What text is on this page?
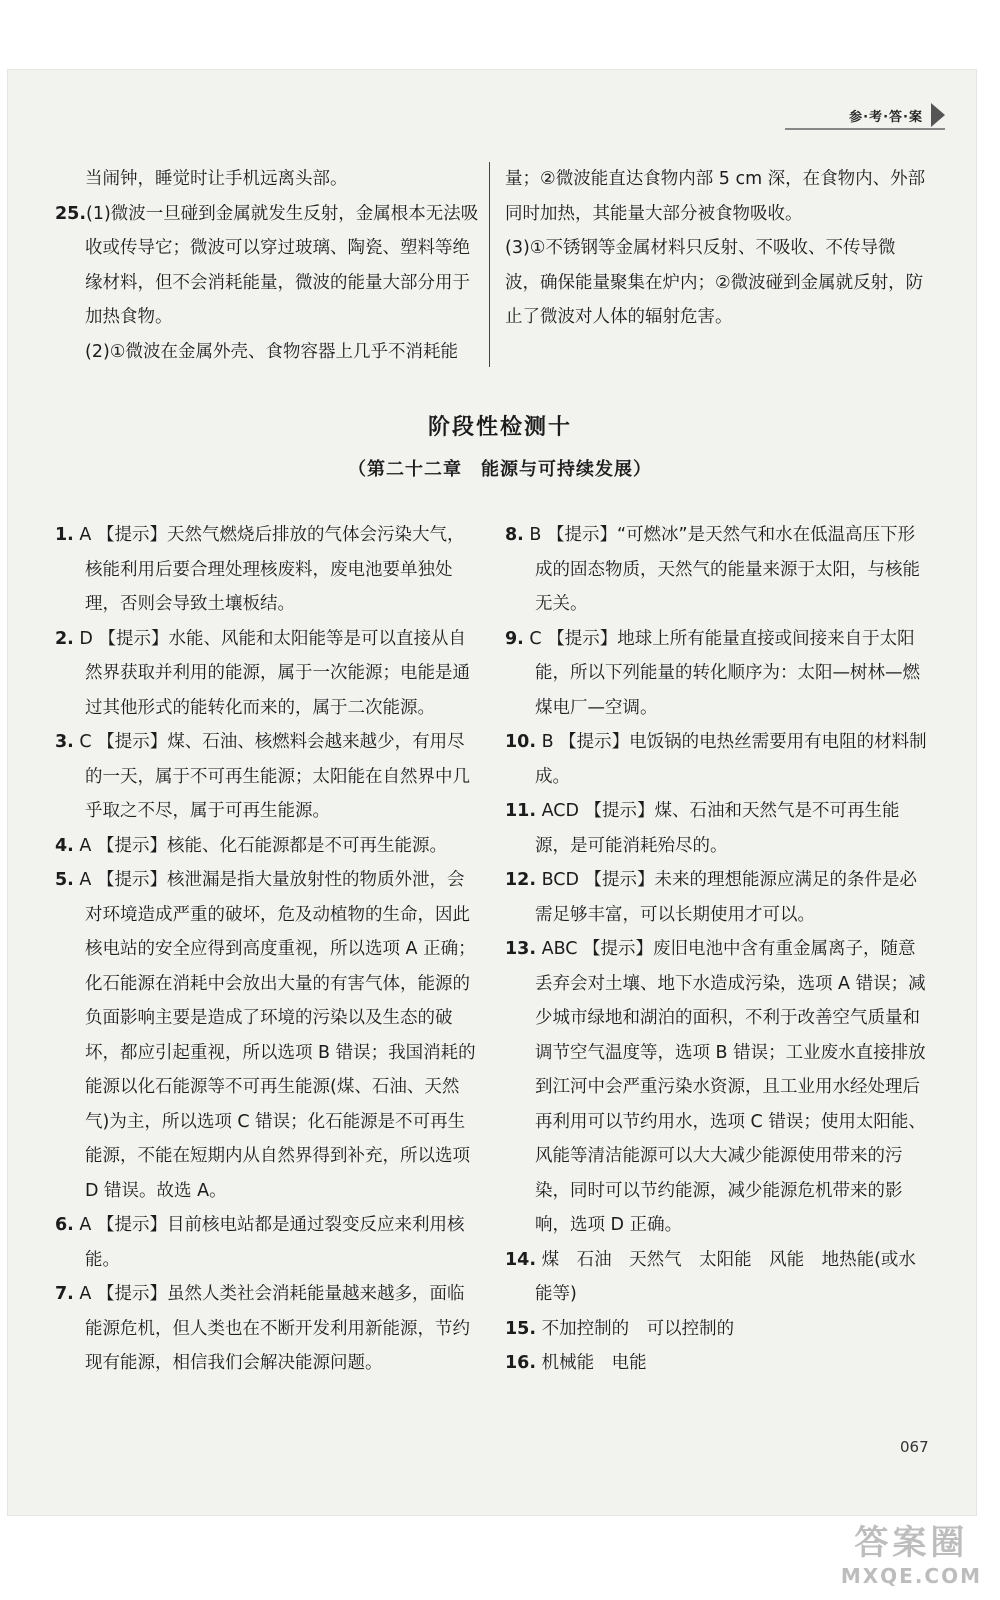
参·考·答·案

当闹钟，睡觉时让手机远离头部。

25.(1)微波一旦碰到金属就发生反射，金属根本无法吸收或传导它；微波可以穿过玻璃、陶瓷、塑料等绝缘材料，但不会消耗能量，微波的能量大部分用于加热食物。

(2)①微波在金属外壳、食物容器上几乎不消耗能

量；②微波能直达食物内部 5 cm 深，在食物内、外部同时加热，其能量大部分被食物吸收。

(3)①不锈钢等金属材料只反射、不吸收、不传导微波，确保能量聚集在炉内；②微波碰到金属就反射，防止了微波对人体的辐射危害。

阶段性检测十
（第二十二章　能源与可持续发展）

1. A 【提示】天然气燃烧后排放的气体会污染大气，核能利用后要合理处理核废料，废电池要单独处理，否则会导致土壤板结。

2. D 【提示】水能、风能和太阳能等是可以直接从自然界获取并利用的能源，属于一次能源；电能是通过其他形式的能转化而来的，属于二次能源。

3. C 【提示】煤、石油、核燃料会越来越少，有用尽的一天，属于不可再生能源；太阳能在自然界中几乎取之不尽，属于可再生能源。

4. A 【提示】核能、化石能源都是不可再生能源。

5. A 【提示】核泄漏是指大量放射性的物质外泄，会对环境造成严重的破坏，危及动植物的生命，因此核电站的安全应得到高度重视，所以选项 A 正确；化石能源在消耗中会放出大量的有害气体，能源的负面影响主要是造成了环境的污染以及生态的破坏，都应引起重视，所以选项 B 错误；我国消耗的能源以化石能源等不可再生能源(煤、石油、天然气)为主，所以选项 C 错误；化石能源是不可再生能源，不能在短期内从自然界得到补充，所以选项 D 错误。故选 A。

6. A 【提示】目前核电站都是通过裂变反应来利用核能。

7. A 【提示】虽然人类社会消耗能量越来越多，面临能源危机，但人类也在不断开发利用新能源，节约现有能源，相信我们会解决能源问题。

8. B 【提示】“可燃冰”是天然气和水在低温高压下形成的固态物质，天然气的能量来源于太阳，与核能无关。

9. C 【提示】地球上所有能量直接或间接来自于太阳能，所以下列能量的转化顺序为：太阳—树林—燃煤电厂—空调。

10. B 【提示】电饭锅的电热丝需要用有电阻的材料制成。

11. ACD 【提示】煤、石油和天然气是不可再生能源，是可能消耗殆尽的。

12. BCD 【提示】未来的理想能源应满足的条件是必需足够丰富，可以长期使用才可以。

13. ABC 【提示】废旧电池中含有重金属离子，随意丢弃会对土壤、地下水造成污染，选项 A 错误；减少城市绿地和湖泊的面积，不利于改善空气质量和调节空气温度等，选项 B 错误；工业废水直接排放到江河中会严重污染水资源，且工业用水经处理后再利用可以节约用水，选项 C 错误；使用太阳能、风能等清洁能源可以大大减少能源使用带来的污染，同时可以节约能源，减少能源危机带来的影响，选项 D 正确。

14. 煤　石油　天然气　太阳能　风能　地热能(或水能等)

15. 不加控制的　可以控制的

16. 机械能　电能

067
答案圈
MXQE.COM
